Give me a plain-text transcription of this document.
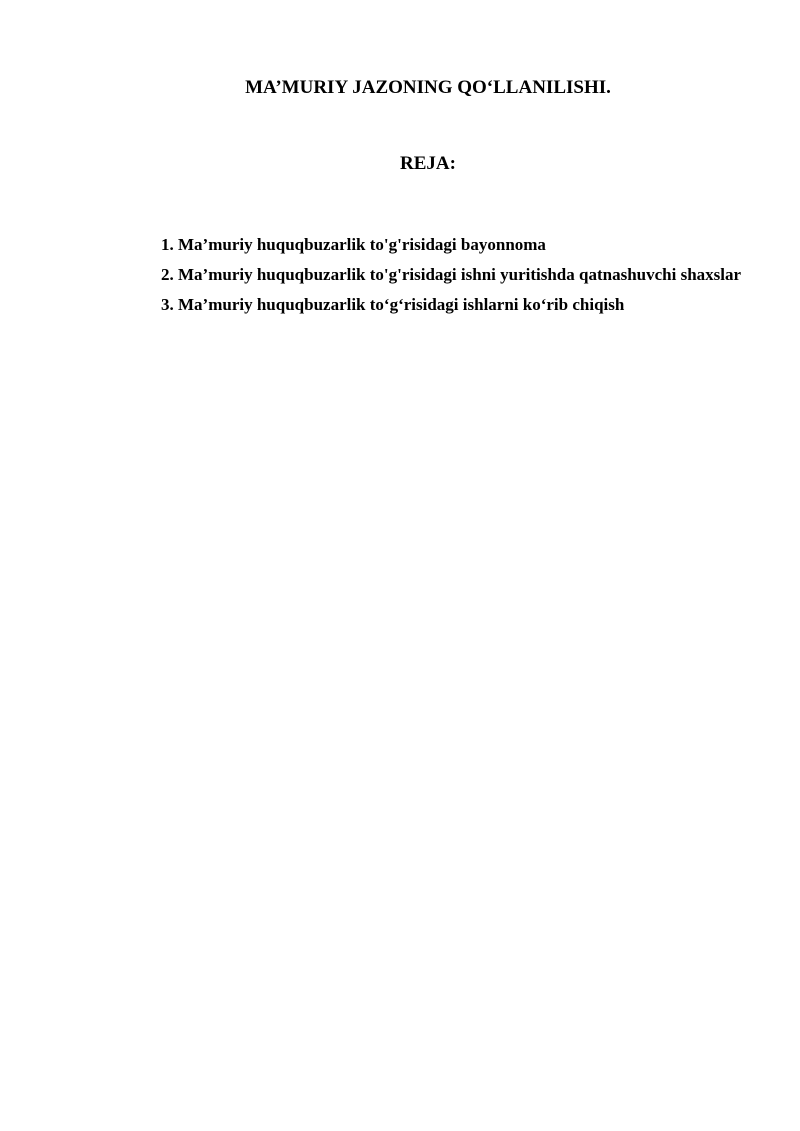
MA’MURIY JAZONING QO‘LLANILISHI.
REJA:
1. Ma’muriy huquqbuzarlik to'g'risidagi bayonnoma
2. Ma’muriy huquqbuzarlik to'g'risidagi ishni yuritishda qatnashuvchi shaxslar
3. Ma’muriy huquqbuzarlik to‘g‘risidagi ishlarni ko‘rib chiqish
